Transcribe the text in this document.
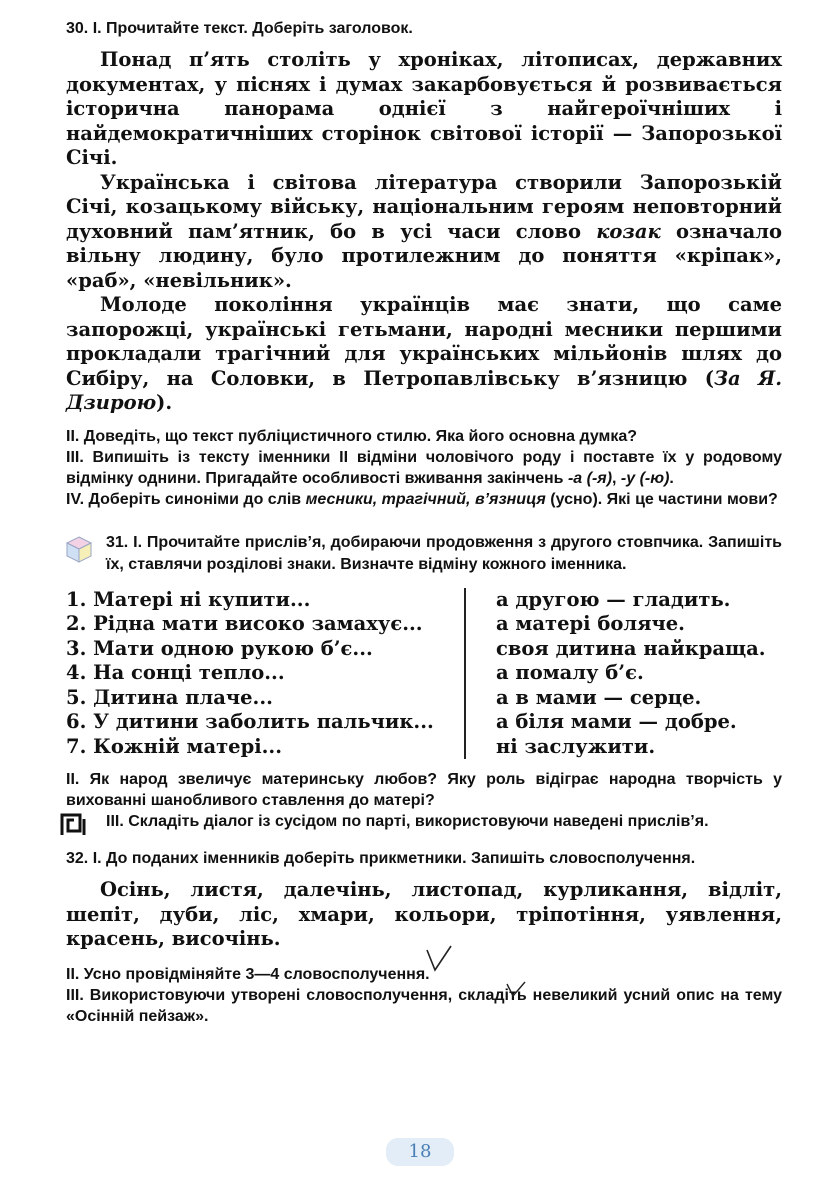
30. І. Прочитайте текст. Доберіть заголовок.

Понад п’ять століть у хроніках, літописах, державних документах, у піснях і думах закарбовується й розвивається історична панорама однієї з найгероїчніших і найдемократичніших сторінок світової історії — Запорозької Січі.

Українська і світова література створили Запорозькій Січі, козацькому війську, національним героям неповторний духовний пам’ятник, бо в усі часи слово козак означало вільну людину, було протилежним до поняття «кріпак», «раб», «невільник».

Молоде покоління українців має знати, що саме запорожці, українські гетьмани, народні месники першими прокладали трагічний для українських мільйонів шлях до Сибіру, на Соловки, в Петропавлівську в’язницю (За Я. Дзирою).

ІІ. Доведіть, що текст публіцистичного стилю. Яка його основна думка?

ІІІ. Випишіть із тексту іменники ІІ відміни чоловічого роду і поставте їх у родовому відмінку однини. Пригадайте особливості вживання закінчень -а (-я), -у (-ю).

IV. Доберіть синоніми до слів месники, трагічний, в’язниця (усно). Які це частини мови?

31. І. Прочитайте прислів’я, добираючи продовження з другого стовпчика. Запишіть їх, ставлячи розділові знаки. Визначте відміну кожного іменника.
1. Матері ні купити...
2. Рідна мати високо замахує...
3. Мати одною рукою б’є...
4. На сонці тепло...
5. Дитина плаче...
6. У дитини заболить пальчик...
7. Кожній матері...
а другою — гладить.
а матері боляче.
своя дитина найкраща.
а помалу б’є.
а в мами — серце.
а біля мами — добре.
ні заслужити.

ІІ. Як народ звеличує материнську любов? Яку роль відіграє народна творчість у вихованні шанобливого ставлення до матері?

ІІІ. Складіть діалог із сусідом по парті, використовуючи наведені прислів’я.

32. І. До поданих іменників доберіть прикметники. Запишіть словосполучення.

Осінь, листя, далечінь, листопад, курликання, відліт, шепіт, дуби, ліс, хмари, кольори, тріпотіння, уявлення, красень, височінь.

ІІ. Усно провідміняйте 3—4 словосполучення.

ІІІ. Використовуючи утворені словосполучення, складіть невеликий усний опис на тему «Осінній пейзаж».

18
